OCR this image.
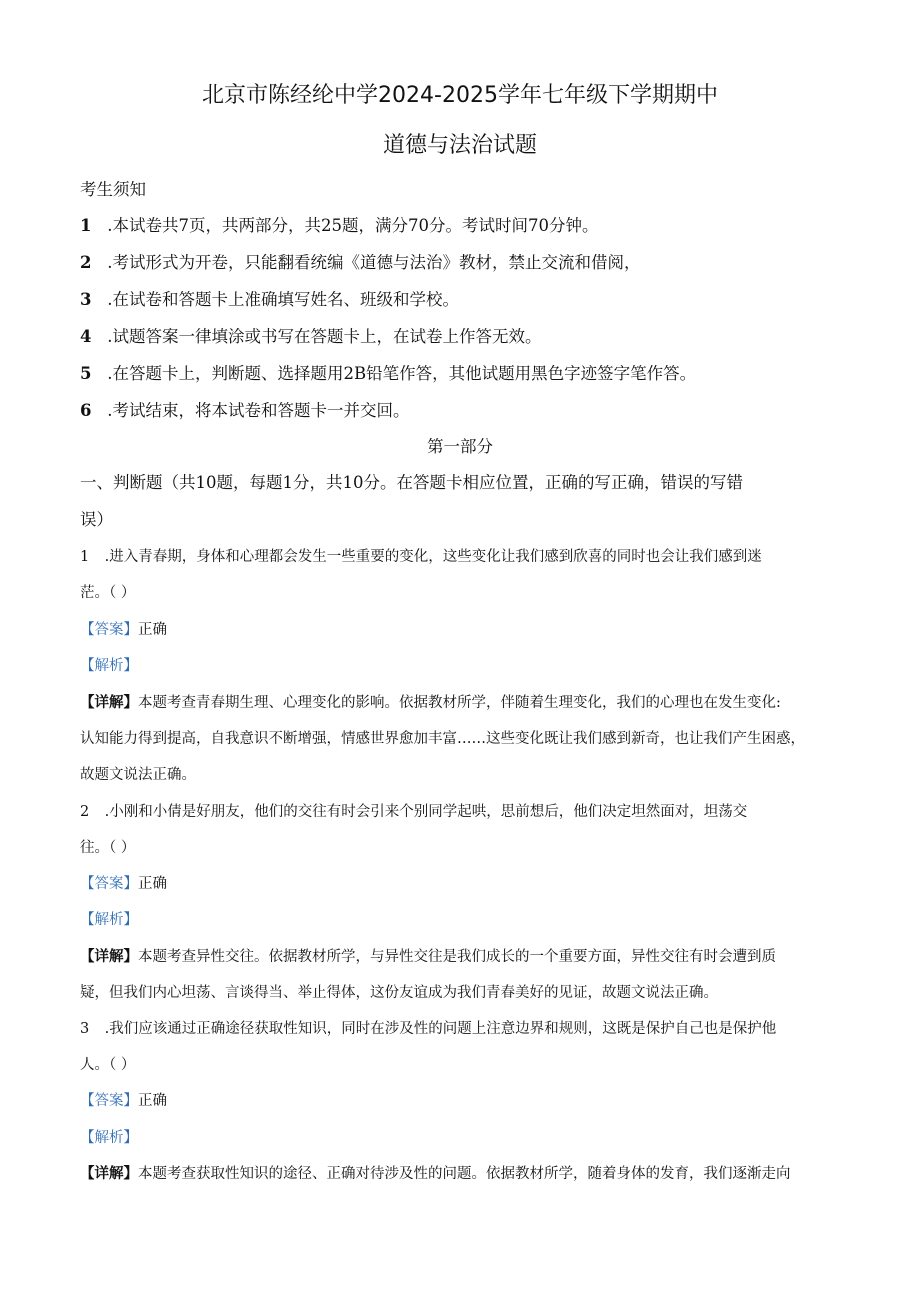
北京市陈经纶中学2024-2025学年七年级下学期期中
道德与法治试题
考生须知
1 .本试卷共7页，共两部分，共25题，满分70分。考试时间70分钟。
2 .考试形式为开卷，只能翻看统编《道德与法治》教材，禁止交流和借阅，
3 .在试卷和答题卡上准确填写姓名、班级和学校。
4 .试题答案一律填涂或书写在答题卡上，在试卷上作答无效。
5 .在答题卡上，判断题、选择题用2B铅笔作答，其他试题用黑色字迹签字笔作答。
6 .考试结束，将本试卷和答题卡一并交回。
第一部分
一、判断题（共10题，每题1分，共10分。在答题卡相应位置，正确的写正确，错误的写错
误）
1 .进入青春期，身体和心理都会发生一些重要的变化，这些变化让我们感到欣喜的同时也会让我们感到迷
茫。（ ）
【答案】正确
【解析】
【详解】本题考查青春期生理、心理变化的影响。依据教材所学，伴随着生理变化，我们的心理也在发生变化:
认知能力得到提高，自我意识不断增强，情感世界愈加丰富……这些变化既让我们感到新奇，也让我们产生困惑，
故题文说法正确。
2 .小刚和小倩是好朋友，他们的交往有时会引来个别同学起哄，思前想后，他们决定坦然面对，坦荡交
往。（ ）
【答案】正确
【解析】
【详解】本题考查异性交往。依据教材所学，与异性交往是我们成长的一个重要方面，异性交往有时会遭到质
疑，但我们内心坦荡、言谈得当、举止得体，这份友谊成为我们青春美好的见证，故题文说法正确。
3 .我们应该通过正确途径获取性知识，同时在涉及性的问题上注意边界和规则，这既是保护自己也是保护他
人。（ ）
【答案】正确
【解析】
【详解】本题考查获取性知识的途径、正确对待涉及性的问题。依据教材所学，随着身体的发育，我们逐渐走向
